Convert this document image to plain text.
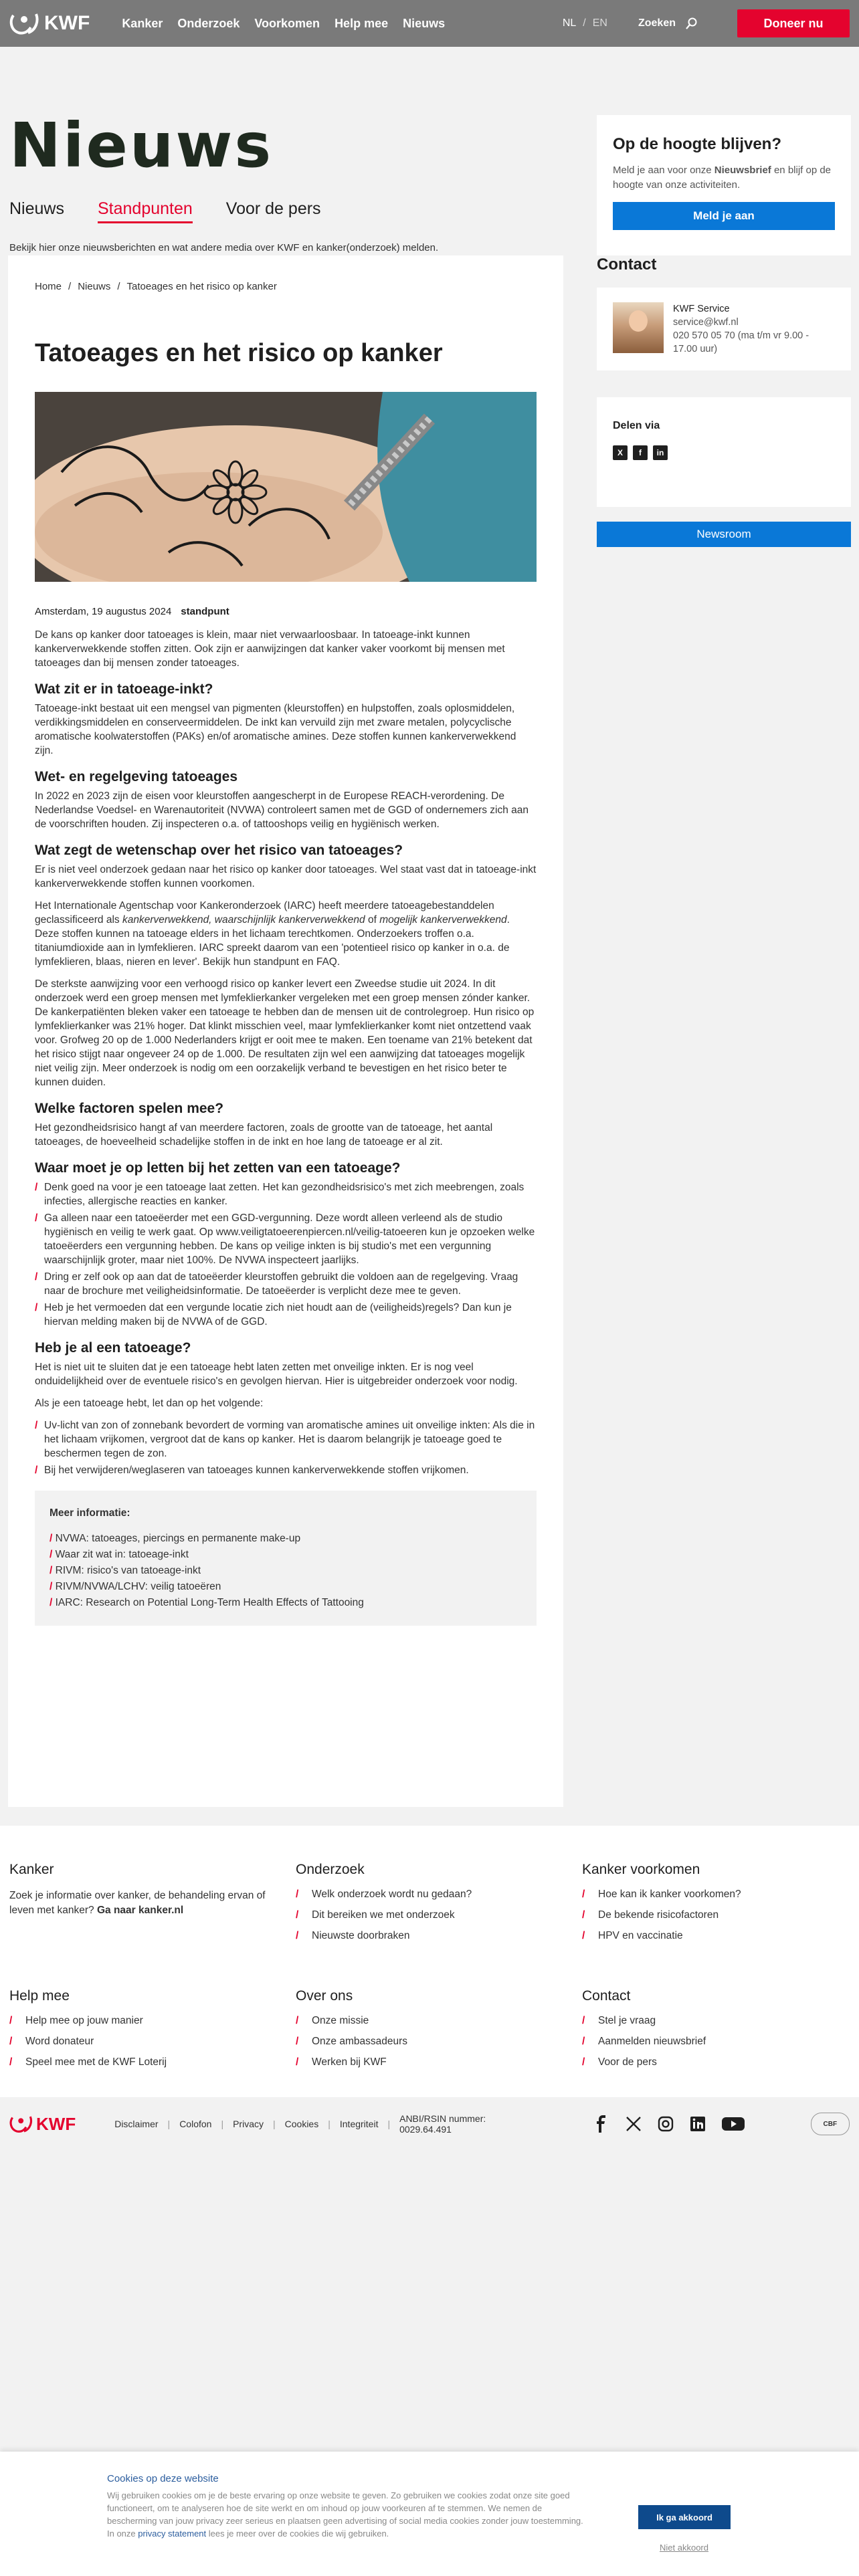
KWF	Kanker Onderzoek Voorkomen Help mee Nieuws	NL / EN	Zoeken	Doneer nu
Nieuws
Nieuws Standpunten Voor de pers
Bekijk hier onze nieuwsberichten en wat andere media over KWF en kanker(onderzoek) melden.
Op de hoogte blijven?

Meld je aan voor onze Nieuwsbrief en blijf op de hoogte van onze activiteiten.

Meld je aan
Home / Nieuws / Tatoeages en het risico op kanker
Tatoeages en het risico op kanker
Amsterdam, 19 augustus 2024 standpunt

De kans op kanker door tatoeages is klein, maar niet verwaarloosbaar. In tatoeage-inkt kunnen kankerverwekkende stoffen zitten. Ook zijn er aanwijzingen dat kanker vaker voorkomt bij mensen met tatoeages dan bij mensen zonder tatoeages.

Wat zit er in tatoeage-inkt?

Tatoeage-inkt bestaat uit een mengsel van pigmenten (kleurstoffen) en hulpstoffen, zoals oplosmiddelen, verdikkingsmiddelen en conserveermiddelen. De inkt kan vervuild zijn met zware metalen, polycyclische aromatische koolwaterstoffen (PAKs) en/of aromatische amines. Deze stoffen kunnen kankerverwekkend zijn.

Wet- en regelgeving tatoeages

In 2022 en 2023 zijn de eisen voor kleurstoffen aangescherpt in de Europese REACH-verordening. De Nederlandse Voedsel- en Warenautoriteit (NVWA) controleert samen met de GGD of ondernemers zich aan de voorschriften houden. Zij inspecteren o.a. of tattooshops veilig en hygiënisch werken.

Wat zegt de wetenschap over het risico van tatoeages?

Er is niet veel onderzoek gedaan naar het risico op kanker door tatoeages. Wel staat vast dat in tatoeage-inkt kankerverwekkende stoffen kunnen voorkomen.

Het Internationale Agentschap voor Kankeronderzoek (IARC) heeft meerdere tatoeagebestanddelen geclassificeerd als kankerverwekkend, waarschijnlijk kankerverwekkend of mogelijk kankerverwekkend. Deze stoffen kunnen na tatoeage elders in het lichaam terechtkomen. Onderzoekers troffen o.a. titaniumdioxide aan in lymfeklieren. IARC spreekt daarom van een 'potentieel risico op kanker in o.a. de lymfeklieren, blaas, nieren en lever'. Bekijk hun standpunt en FAQ.

De sterkste aanwijzing voor een verhoogd risico op kanker levert een Zweedse studie uit 2024. In dit onderzoek werd een groep mensen met lymfeklierkanker vergeleken met een groep mensen zónder kanker. De kankerpatiënten bleken vaker een tatoeage te hebben dan de mensen uit de controlegroep. Hun risico op lymfeklierkanker was 21% hoger. Dat klinkt misschien veel, maar lymfeklierkanker komt niet ontzettend vaak voor. Grofweg 20 op de 1.000 Nederlanders krijgt er ooit mee te maken. Een toename van 21% betekent dat het risico stijgt naar ongeveer 24 op de 1.000. De resultaten zijn wel een aanwijzing dat tatoeages mogelijk niet veilig zijn. Meer onderzoek is nodig om een oorzakelijk verband te bevestigen en het risico beter te kunnen duiden.

Welke factoren spelen mee?

Het gezondheidsrisico hangt af van meerdere factoren, zoals de grootte van de tatoeage, het aantal tatoeages, de hoeveelheid schadelijke stoffen in de inkt en hoe lang de tatoeage er al zit.

Waar moet je op letten bij het zetten van een tatoeage?
/ Denk goed na voor je een tatoeage laat zetten. Het kan gezondheidsrisico's met zich meebrengen, zoals infecties, allergische reacties en kanker.
/ Ga alleen naar een tatoeëerder met een GGD-vergunning. Deze wordt alleen verleend als de studio hygiënisch en veilig te werk gaat. Op www.veiligtatoeerenpiercen.nl/veilig-tatoeeren kun je opzoeken welke tatoeëerders een vergunning hebben. De kans op veilige inkten is bij studio's met een vergunning waarschijnlijk groter, maar niet 100%. De NVWA inspecteert jaarlijks.
/ Dring er zelf ook op aan dat de tatoeëerder kleurstoffen gebruikt die voldoen aan de regelgeving. Vraag naar de brochure met veiligheidsinformatie. De tatoeëerder is verplicht deze mee te geven.
/ Heb je het vermoeden dat een vergunde locatie zich niet houdt aan de (veiligheids)regels? Dan kun je hiervan melding maken bij de NVWA of de GGD.
Heb je al een tatoeage?

Het is niet uit te sluiten dat je een tatoeage hebt laten zetten met onveilige inkten. Er is nog veel onduidelijkheid over de eventuele risico's en gevolgen hiervan. Hier is uitgebreider onderzoek voor nodig.

Als je een tatoeage hebt, let dan op het volgende:

/ Uv-licht van zon of zonnebank bevordert de vorming van aromatische amines uit onveilige inkten: Als die in het lichaam vrijkomen, vergroot dat de kans op kanker. Het is daarom belangrijk je tatoeage goed te beschermen tegen de zon.
/ Bij het verwijderen/weglaseren van tatoeages kunnen kankerverwekkende stoffen vrijkomen.
Meer informatie:
/ NVWA: tatoeages, piercings en permanente make-up
/ Waar zit wat in: tatoeage-inkt
/ RIVM: risico's van tatoeage-inkt
/ RIVM/NVWA/LCHV: veilig tatoeëren
/ IARC: Research on Potential Long-Term Health Effects of Tattooing
Contact
KWF Service
service@kwf.nl
020 570 05 70 (ma t/m vr 9.00 - 17.00 uur)
Delen via
X	f	in
Newsroom
Kanker

Zoek je informatie over kanker, de behandeling ervan of leven met kanker? Ga naar kanker.nl

Onderzoek
/ Welk onderzoek wordt nu gedaan?
/ Dit bereiken we met onderzoek
/ Nieuwste doorbraken
Kanker voorkomen
/ Hoe kan ik kanker voorkomen?
/ De bekende risicofactoren
/ HPV en vaccinatie
Help mee
/ Help mee op jouw manier
/ Word donateur
/ Speel mee met de KWF Loterij
Over ons
/ Onze missie
/ Onze ambassadeurs
/ Werken bij KWF
Contact
/ Stel je vraag
/ Aanmelden nieuwsbrief
/ Voor de pers
KWF	Disclaimer | Colofon | Privacy | Cookies | Integriteit | ANBI/RSIN nummer: 0029.64.491	CBF
Cookies op deze website
Wij gebruiken cookies om je de beste ervaring op onze website te geven. Zo gebruiken we cookies zodat onze site goed functioneert, om te analyseren hoe de site werkt en om inhoud op jouw voorkeuren af te stemmen. We nemen de bescherming van jouw privacy zeer serieus en plaatsen geen advertising of social media cookies zonder jouw toestemming. In onze privacy statement lees je meer over de cookies die wij gebruiken.
Ik ga akkoord
Niet akkoord
